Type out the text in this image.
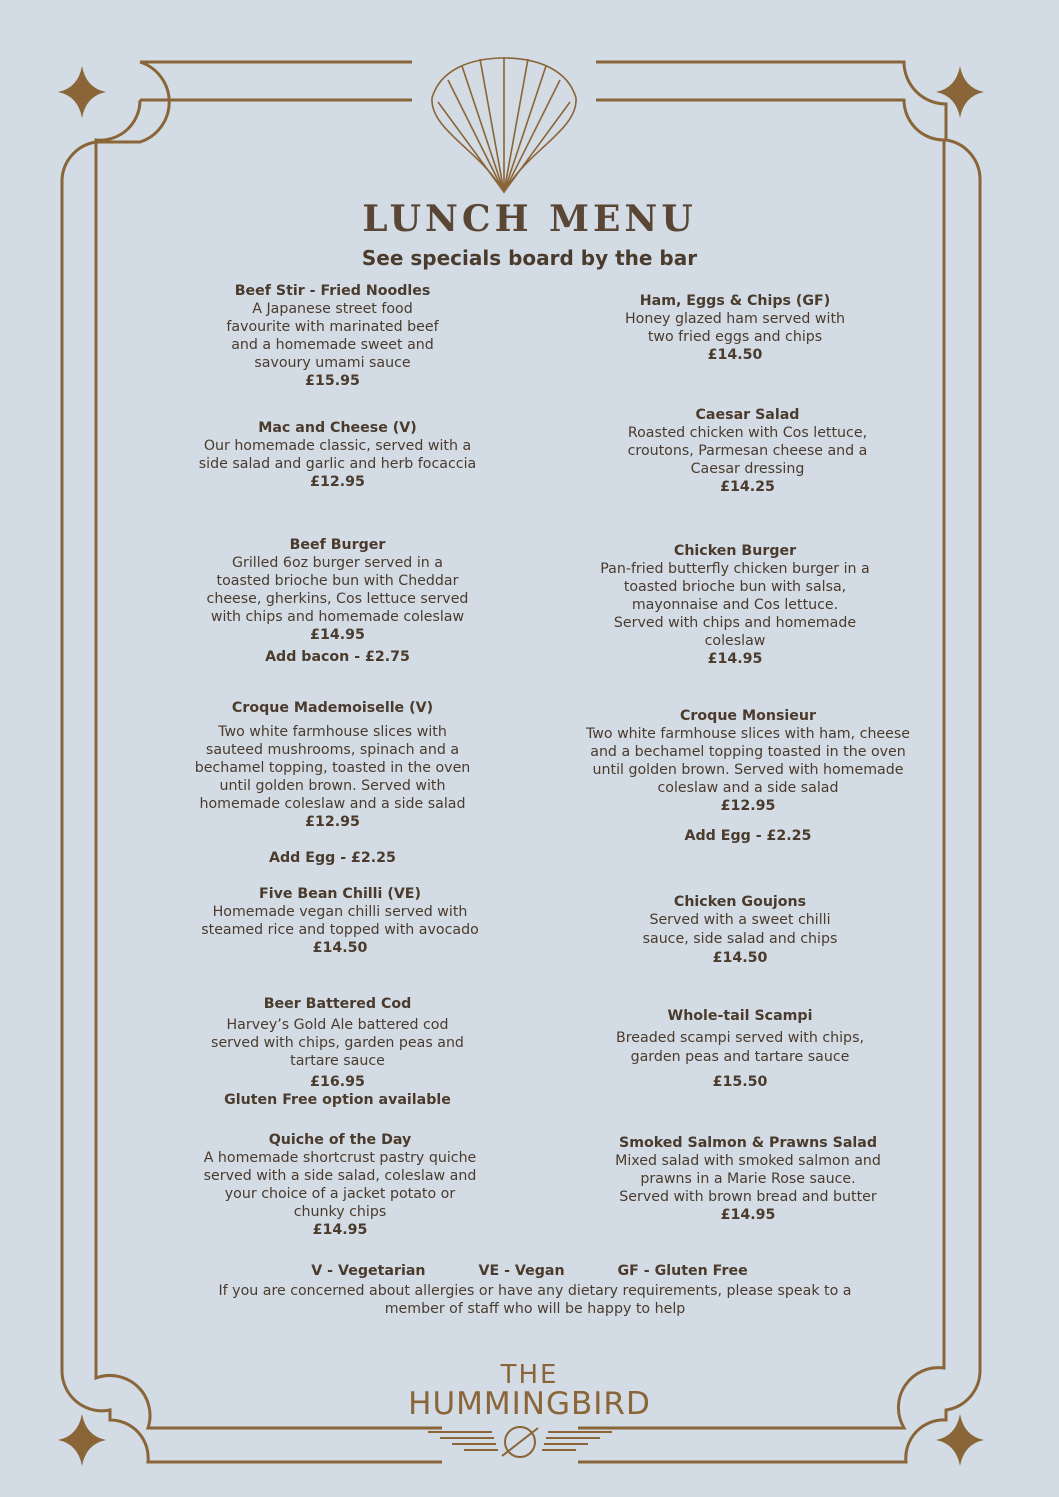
LUNCH MENU
See specials board by the bar
Beef Stir - Fried Noodles
A Japanese street food
favourite with marinated beef
and a homemade sweet and
savoury umami sauce
£15.95
Mac and Cheese (V)
Our homemade classic, served with a
side salad and garlic and herb focaccia
£12.95
Beef Burger
Grilled 6oz burger served in a
toasted brioche bun with Cheddar
cheese, gherkins, Cos lettuce served
with chips and homemade coleslaw
£14.95
Add bacon - £2.75
Croque Mademoiselle (V)
Two white farmhouse slices with
sauteed mushrooms, spinach and a
bechamel topping, toasted in the oven
until golden brown. Served with
homemade coleslaw and a side salad
£12.95
Add Egg - £2.25
Five Bean Chilli (VE)
Homemade vegan chilli served with
steamed rice and topped with avocado
£14.50
Beer Battered Cod
Harvey’s Gold Ale battered cod
served with chips, garden peas and
tartare sauce
£16.95
Gluten Free option available
Quiche of the Day
A homemade shortcrust pastry quiche
served with a side salad, coleslaw and
your choice of a jacket potato or
chunky chips
£14.95
Ham, Eggs & Chips (GF)
Honey glazed ham served with
two fried eggs and chips
£14.50
Caesar Salad
Roasted chicken with Cos lettuce,
croutons, Parmesan cheese and a
Caesar dressing
£14.25
Chicken Burger
Pan-fried butterfly chicken burger in a
toasted brioche bun with salsa,
mayonnaise and Cos lettuce.
Served with chips and homemade
coleslaw
£14.95
Croque Monsieur
Two white farmhouse slices with ham, cheese
and a bechamel topping toasted in the oven
until golden brown. Served with homemade
coleslaw and a side salad
£12.95
Add Egg - £2.25
Chicken Goujons
Served with a sweet chilli
sauce, side salad and chips
£14.50
Whole-tail Scampi
Breaded scampi served with chips,
garden peas and tartare sauce
£15.50
Smoked Salmon & Prawns Salad
Mixed salad with smoked salmon and
prawns in a Marie Rose sauce.
Served with brown bread and butter
£14.95
V - Vegetarian	VE - Vegan	GF - Gluten Free
If you are concerned about allergies or have any dietary requirements, please speak to a member of staff who will be happy to help
THE
HUMMINGBIRD
